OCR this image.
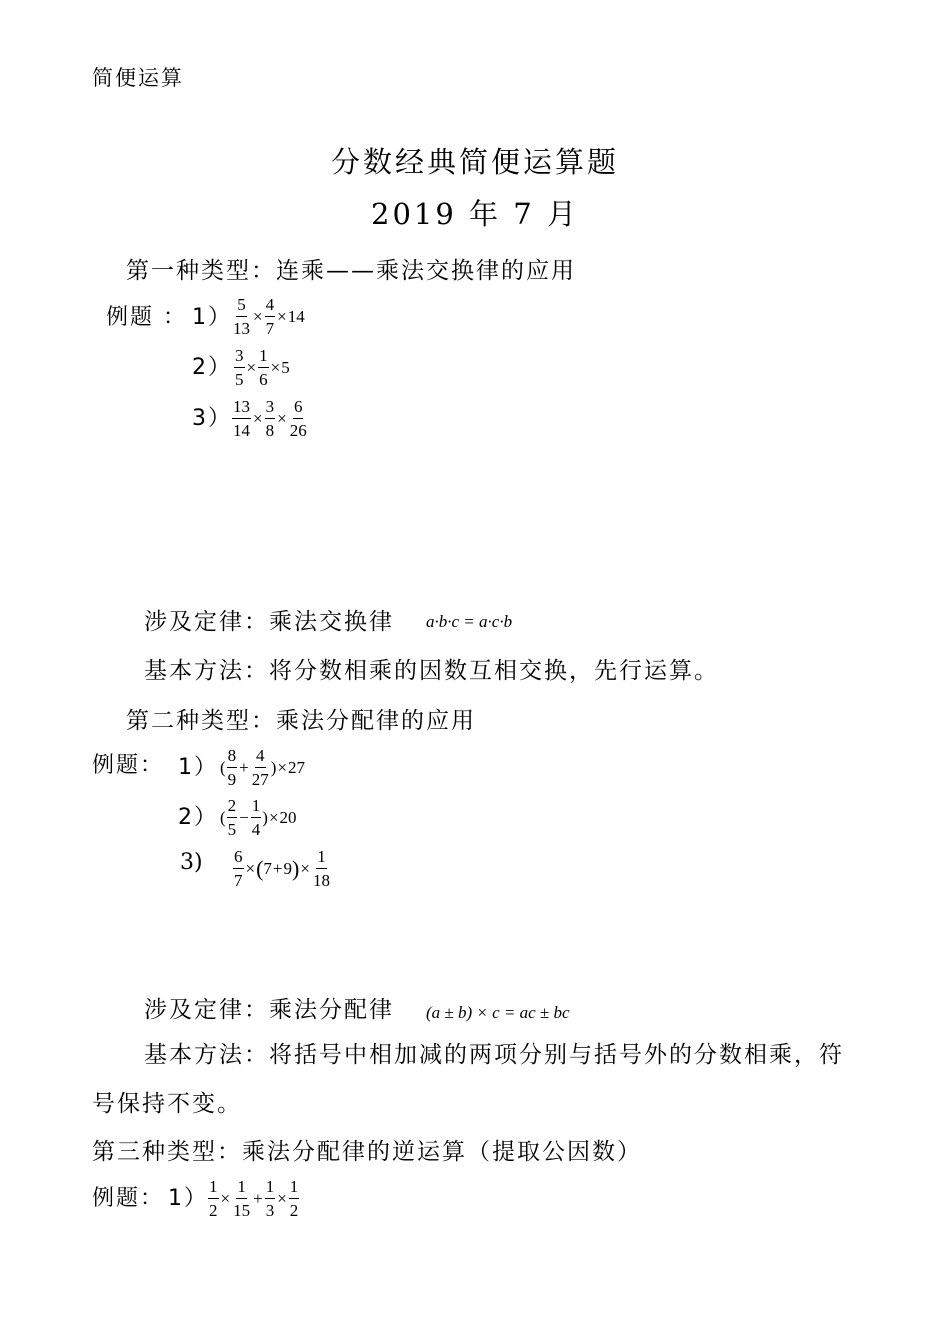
简便运算
分数经典简便运算题
2019 年 7 月
第一种类型：连乘——乘法交换律的应用
例题 ： $1) \frac{5}{13} \times \frac{4}{7} \times 14$
$2) \frac{3}{5} \times \frac{1}{6} \times 5$
$3) \frac{13}{14} \times \frac{3}{8} \times \frac{6}{26}$
涉及定律：乘法交换律 a·b·c = a·c·b
基本方法：将分数相乘的因数互相交换，先行运算。
第二种类型：乘法分配律的应用
例题： 1） ( $\frac{8}{9} + \frac{4}{27}$ ) × 27
2） ( $\frac{2}{5} - \frac{1}{4}$ ) × 20
$3) \frac{6}{7}$ × ( 7 + 9 ) × $\frac{1}{18}$
涉及定律：乘法分配律 (a ± b) × c = ac ± bc
基本方法：将括号中相加减的两项分别与括号外的分数相乘，符
号保持不变。
第三种类型：乘法分配律的逆运算（提取公因数）
例题： $1) \frac{1}{2} \times \frac{1}{15} + \frac{1}{3} \times \frac{1}{2}$
